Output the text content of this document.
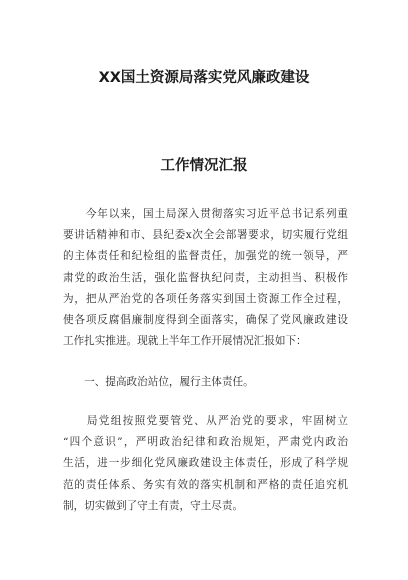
XX国土资源局落实党风廉政建设
工作情况汇报
　　今年以来，国土局深入贯彻落实习近平总书记系列重
要讲话精神和市、县纪委x次全会部署要求，切实履行党组
的主体责任和纪检组的监督责任，加强党的统一领导，严
肃党的政治生活，强化监督执纪问责，主动担当、积极作
为，把从严治党的各项任务落实到国土资源工作全过程，
使各项反腐倡廉制度得到全面落实，确保了党风廉政建设
工作扎实推进。现就上半年工作开展情况汇报如下：
　　一、提高政治站位，履行主体责任。
　　局党组按照党要管党、从严治党的要求，牢固树立
“四个意识”，严明政治纪律和政治规矩，严肃党内政治
生活，进一步细化党风廉政建设主体责任，形成了科学规
范的责任体系、务实有效的落实机制和严格的责任追究机
制，切实做到了守土有责，守土尽责。
